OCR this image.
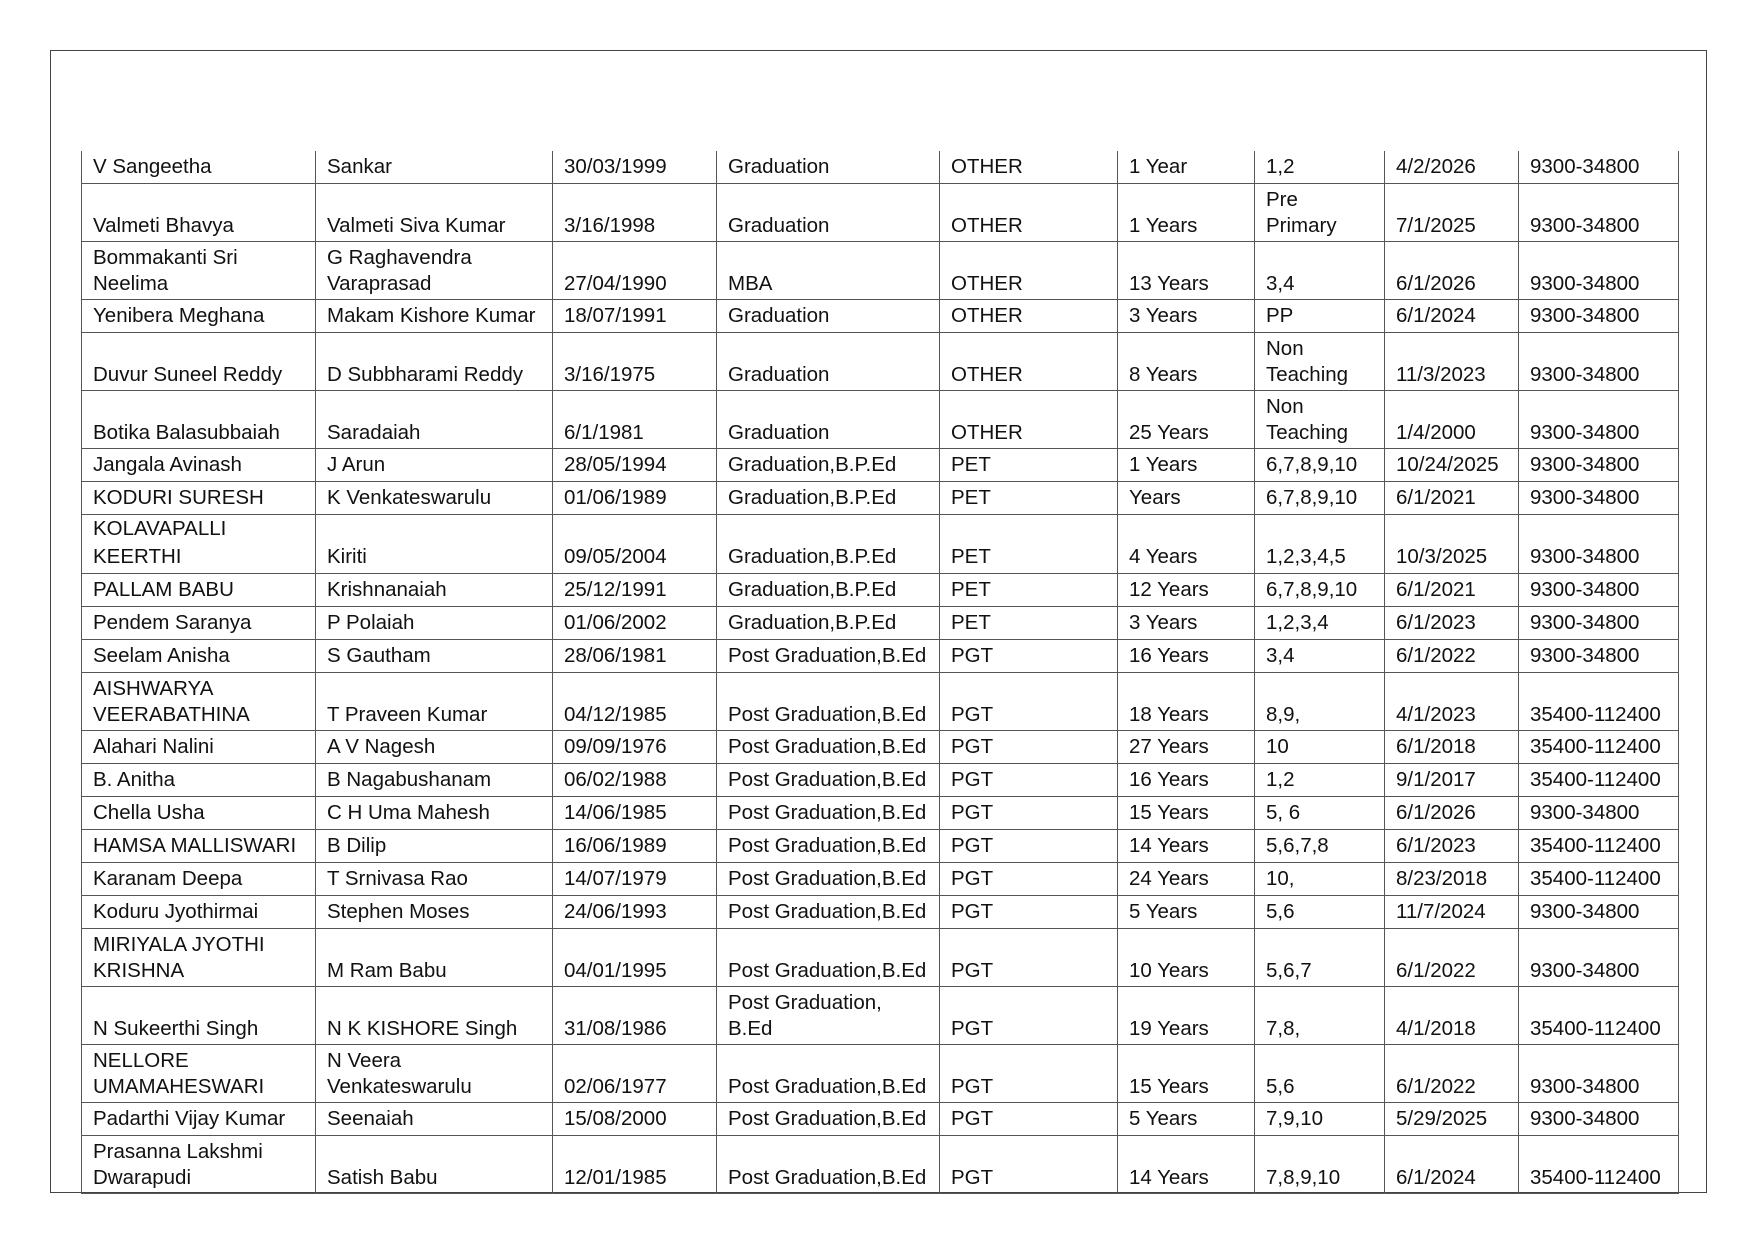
V Sangeetha	Sankar	30/03/1999	Graduation	OTHER	1 Year	1,2	4/2/2026	9300-34800
Valmeti Bhavya	Valmeti Siva Kumar	3/16/1998	Graduation	OTHER	1 Years	Pre Primary	7/1/2025	9300-34800
Bommakanti Sri Neelima	G Raghavendra Varaprasad	27/04/1990	MBA	OTHER	13 Years	3,4	6/1/2026	9300-34800
Yenibera Meghana	Makam Kishore Kumar	18/07/1991	Graduation	OTHER	3 Years	PP	6/1/2024	9300-34800
Duvur Suneel Reddy	D Subbharami Reddy	3/16/1975	Graduation	OTHER	8 Years	Non Teaching	11/3/2023	9300-34800
Botika Balasubbaiah	Saradaiah	6/1/1981	Graduation	OTHER	25 Years	Non Teaching	1/4/2000	9300-34800
Jangala Avinash	J Arun	28/05/1994	Graduation,B.P.Ed	PET	1 Years	6,7,8,9,10	10/24/2025	9300-34800
KODURI SURESH	K Venkateswarulu	01/06/1989	Graduation,B.P.Ed	PET	Years	6,7,8,9,10	6/1/2021	9300-34800
KOLAVAPALLI KEERTHI	Kiriti	09/05/2004	Graduation,B.P.Ed	PET	4 Years	1,2,3,4,5	10/3/2025	9300-34800
PALLAM BABU	Krishnanaiah	25/12/1991	Graduation,B.P.Ed	PET	12 Years	6,7,8,9,10	6/1/2021	9300-34800
Pendem Saranya	P Polaiah	01/06/2002	Graduation,B.P.Ed	PET	3 Years	1,2,3,4	6/1/2023	9300-34800
Seelam Anisha	S Gautham	28/06/1981	Post Graduation,B.Ed	PGT	16 Years	3,4	6/1/2022	9300-34800
AISHWARYA VEERABATHINA	T Praveen Kumar	04/12/1985	Post Graduation,B.Ed	PGT	18 Years	8,9,	4/1/2023	35400-112400
Alahari Nalini	A V Nagesh	09/09/1976	Post Graduation,B.Ed	PGT	27 Years	10	6/1/2018	35400-112400
B. Anitha	B Nagabushanam	06/02/1988	Post Graduation,B.Ed	PGT	16 Years	1,2	9/1/2017	35400-112400
Chella Usha	C H Uma Mahesh	14/06/1985	Post Graduation,B.Ed	PGT	15 Years	5, 6	6/1/2026	9300-34800
HAMSA MALLISWARI	B Dilip	16/06/1989	Post Graduation,B.Ed	PGT	14 Years	5,6,7,8	6/1/2023	35400-112400
Karanam Deepa	T Srnivasa Rao	14/07/1979	Post Graduation,B.Ed	PGT	24 Years	10,	8/23/2018	35400-112400
Koduru Jyothirmai	Stephen Moses	24/06/1993	Post Graduation,B.Ed	PGT	5 Years	5,6	11/7/2024	9300-34800
MIRIYALA JYOTHI KRISHNA	M Ram Babu	04/01/1995	Post Graduation,B.Ed	PGT	10 Years	5,6,7	6/1/2022	9300-34800
N Sukeerthi Singh	N K KISHORE Singh	31/08/1986	Post Graduation, B.Ed	PGT	19 Years	7,8,	4/1/2018	35400-112400
NELLORE UMAMAHESWARI	N Veera Venkateswarulu	02/06/1977	Post Graduation,B.Ed	PGT	15 Years	5,6	6/1/2022	9300-34800
Padarthi Vijay Kumar	Seenaiah	15/08/2000	Post Graduation,B.Ed	PGT	5 Years	7,9,10	5/29/2025	9300-34800
Prasanna Lakshmi Dwarapudi	Satish Babu	12/01/1985	Post Graduation,B.Ed	PGT	14 Years	7,8,9,10	6/1/2024	35400-112400
